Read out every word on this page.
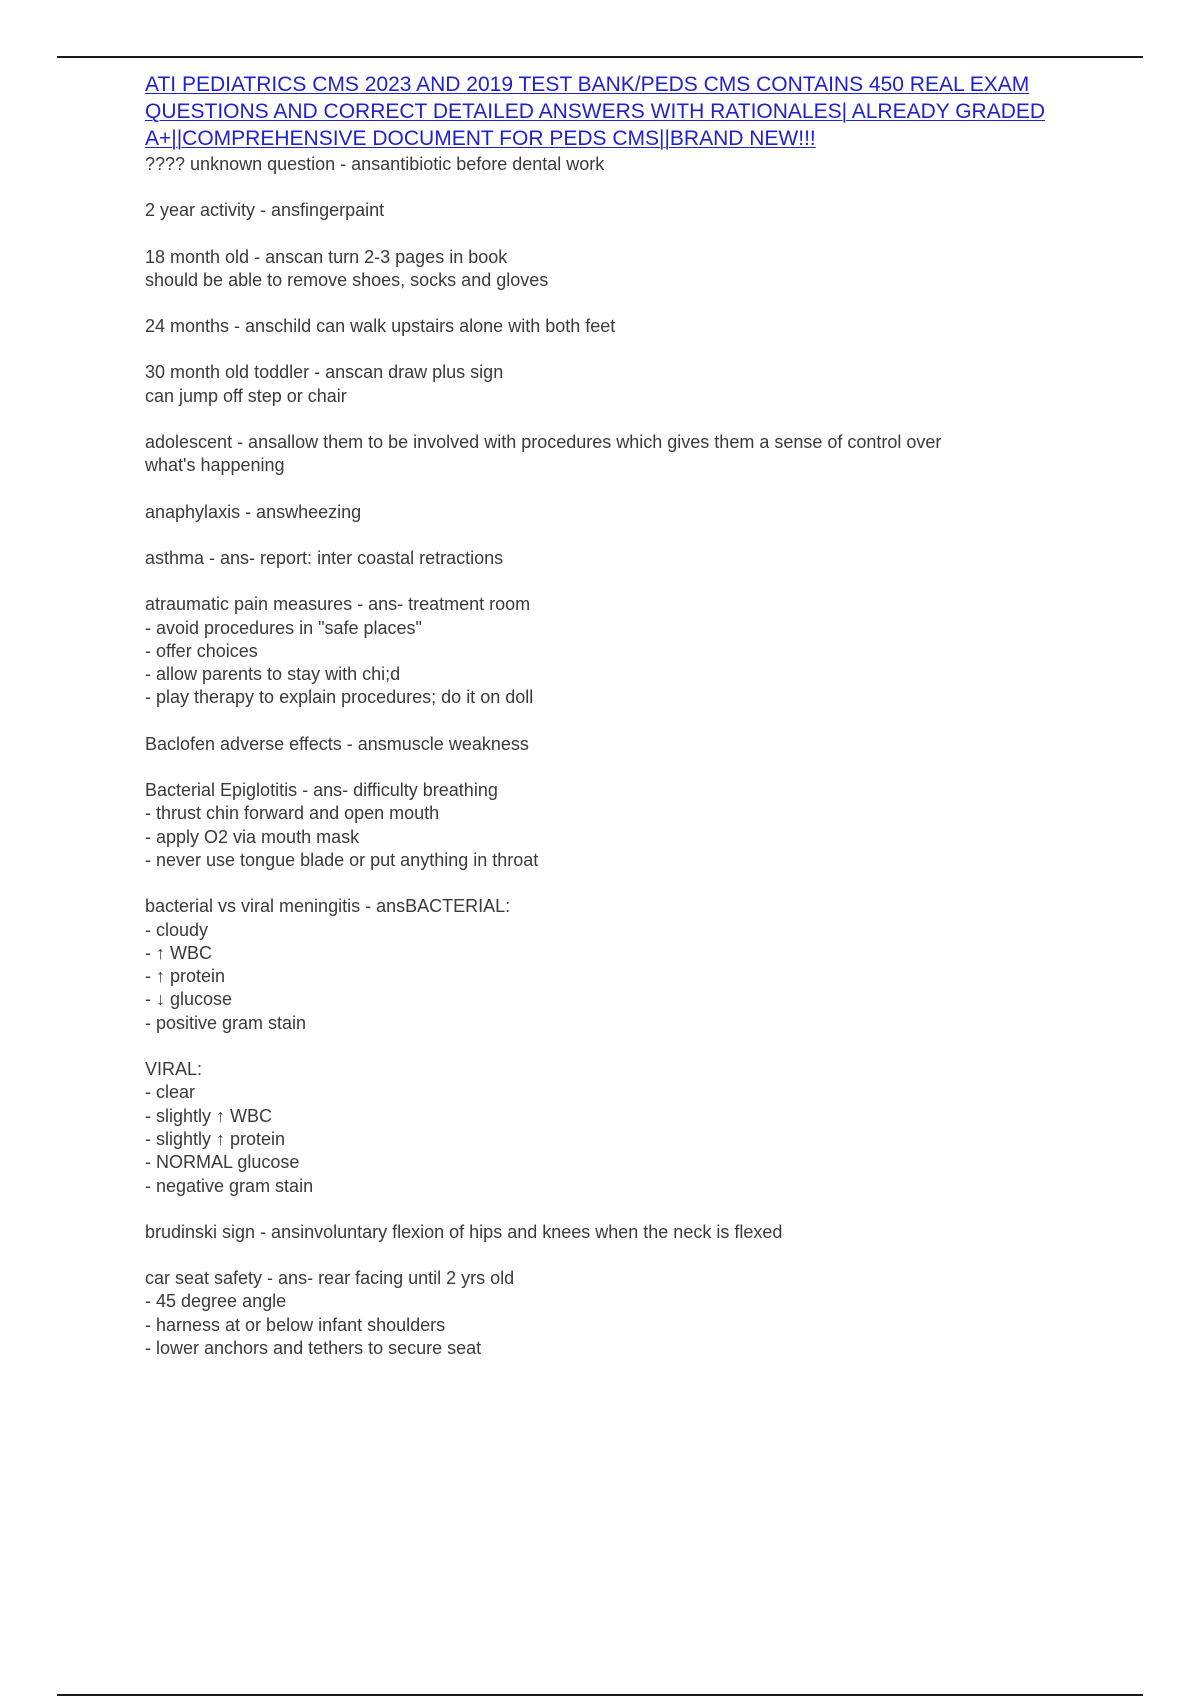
ATI PEDIATRICS CMS 2023 AND 2019 TEST BANK/PEDS CMS CONTAINS 450 REAL EXAM QUESTIONS AND CORRECT DETAILED ANSWERS WITH RATIONALES| ALREADY GRADED A+||COMPREHENSIVE DOCUMENT FOR PEDS CMS||BRAND NEW!!!
???? unknown question - ansantibiotic before dental work
2 year activity - ansfingerpaint
18 month old - anscan turn 2-3 pages in book
should be able to remove shoes, socks and gloves
24 months - anschild can walk upstairs alone with both feet
30 month old toddler - anscan draw plus sign
can jump off step or chair
adolescent - ansallow them to be involved with procedures which gives them a sense of control over
what's happening
anaphylaxis - answheezing
asthma - ans- report: inter coastal retractions
atraumatic pain measures - ans- treatment room
- avoid procedures in "safe places"
- offer choices
- allow parents to stay with chi;d
- play therapy to explain procedures; do it on doll
Baclofen adverse effects - ansmuscle weakness
Bacterial Epiglotitis - ans- difficulty breathing
- thrust chin forward and open mouth
- apply O2 via mouth mask
- never use tongue blade or put anything in throat
bacterial vs viral meningitis - ansBACTERIAL:
- cloudy
- ↑ WBC
- ↑ protein
- ↓ glucose
- positive gram stain
VIRAL:
- clear
- slightly ↑ WBC
- slightly ↑ protein
- NORMAL glucose
- negative gram stain
brudinski sign - ansinvoluntary flexion of hips and knees when the neck is flexed
car seat safety - ans- rear facing until 2 yrs old
- 45 degree angle
- harness at or below infant shoulders
- lower anchors and tethers to secure seat
